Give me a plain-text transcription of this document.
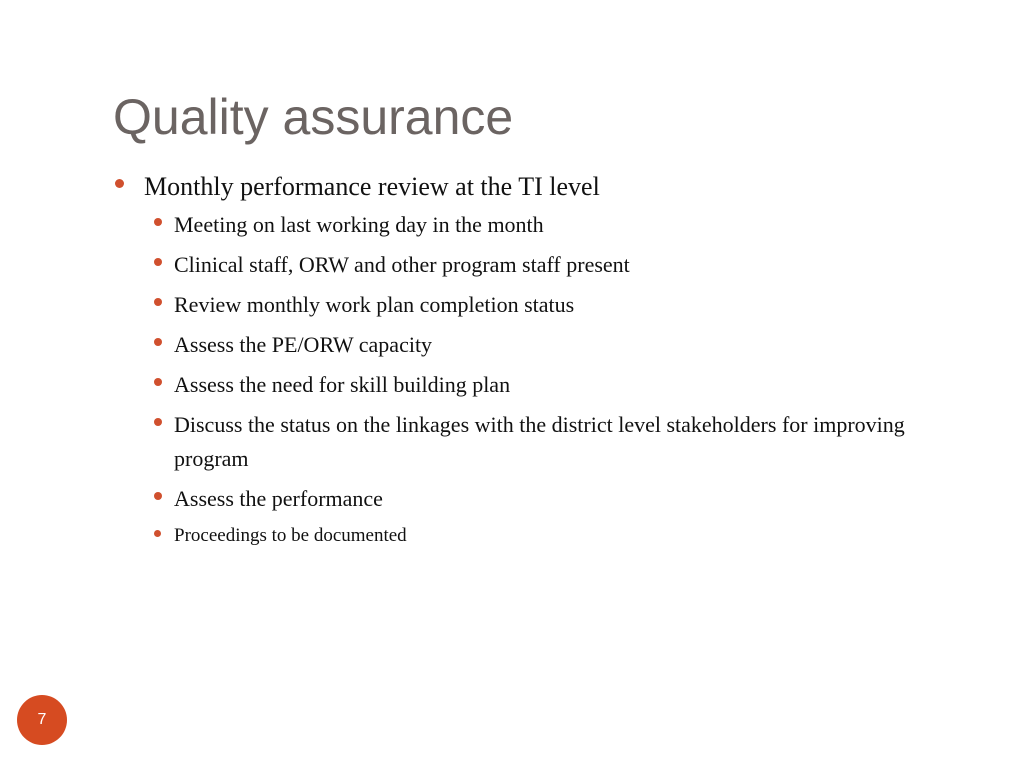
Quality assurance
Monthly performance review at the TI level
Meeting on last working day in the month
Clinical staff, ORW and other program staff present
Review monthly work plan completion status
Assess the PE/ORW capacity
Assess the need for skill building plan
Discuss the status on the linkages with the district level stakeholders for improving program
Assess the performance
Proceedings to be documented
7
